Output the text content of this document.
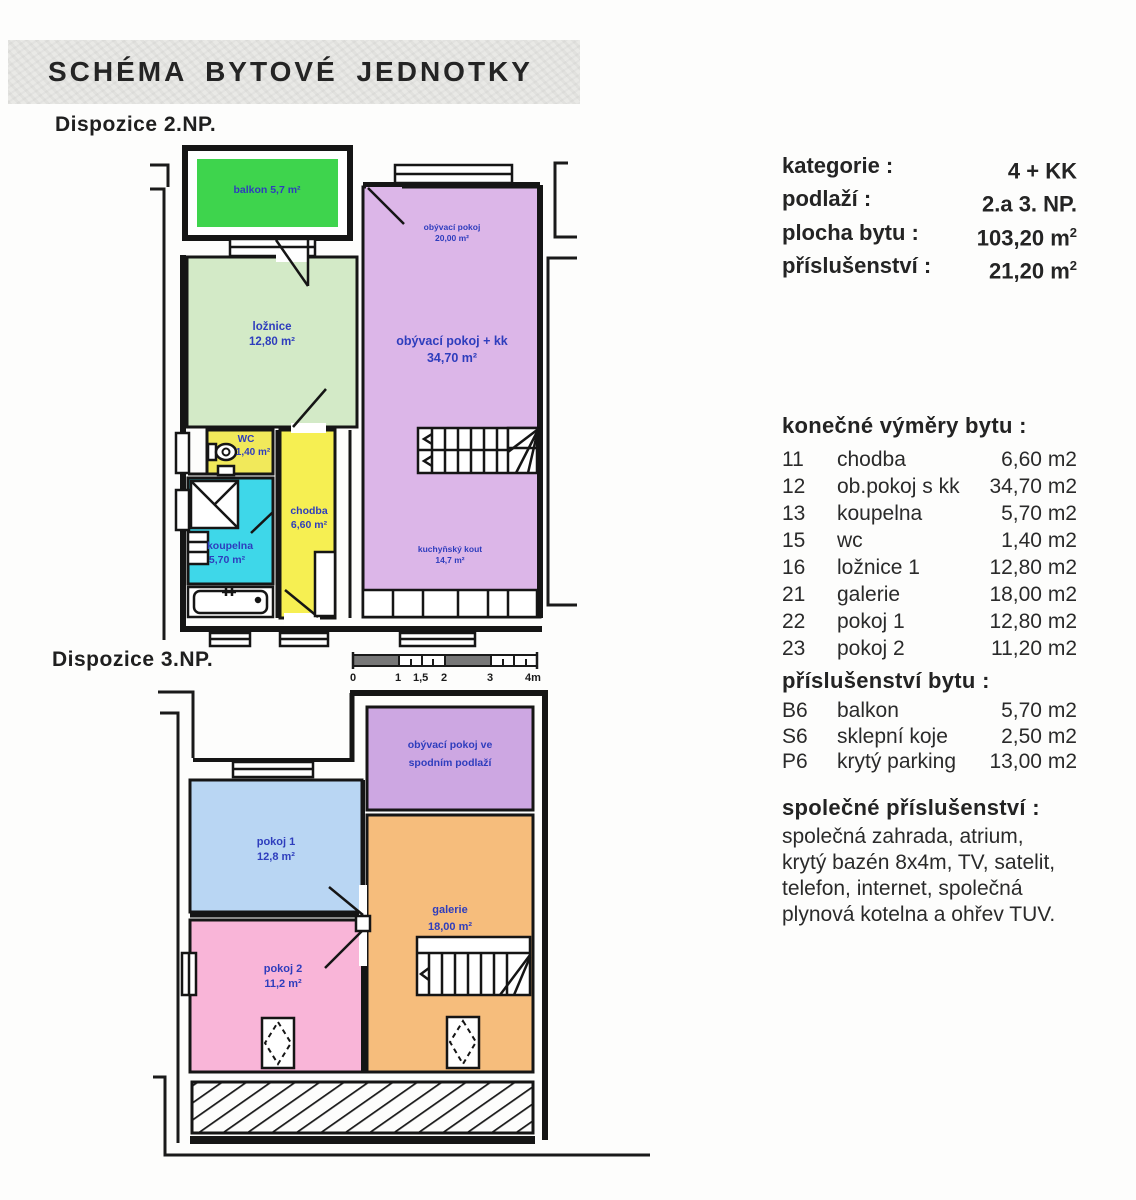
SCHÉMA BYTOVÉ JEDNOTKY
Dispozice 2.NP.
Dispozice 3.NP.
balkon 5,7 m²
ložnice
12,80 m²
obývací pokoj
20,00 m²
obývací pokoj + kk
34,70 m²
WC
1,40 m²
chodba
6,60 m²
koupelna
5,70 m²
kuchyňský kout
14,7 m²
0	1 1,5 2	3	4m
obývací pokoj ve
spodním podlaží
pokoj 1
12,8 m²
galerie
18,00 m²
pokoj 2
11,2 m²
kategorie :	4 + KK
podlaží :	2.a 3. NP.
plocha bytu :	103,20 $m^2$
příslušenství :	21,20 $m^2$
konečné výměry bytu :
11	chodba	6,60 m2
12	ob.pokoj s kk	34,70 m2
13	koupelna	5,70 m2
15	wc	1,40 m2
16	ložnice 1	12,80 m2
21	galerie	18,00 m2
22	pokoj 1	12,80 m2
23	pokoj 2	11,20 m2
příslušenství bytu :
B6	balkon	5,70 m2
S6	sklepní koje	2,50 m2
P6	krytý parking	13,00 m2
společné příslušenství :
společná zahrada, atrium,
krytý bazén 8x4m, TV, satelit,
telefon, internet, společná
plynová kotelna a ohřev TUV.
